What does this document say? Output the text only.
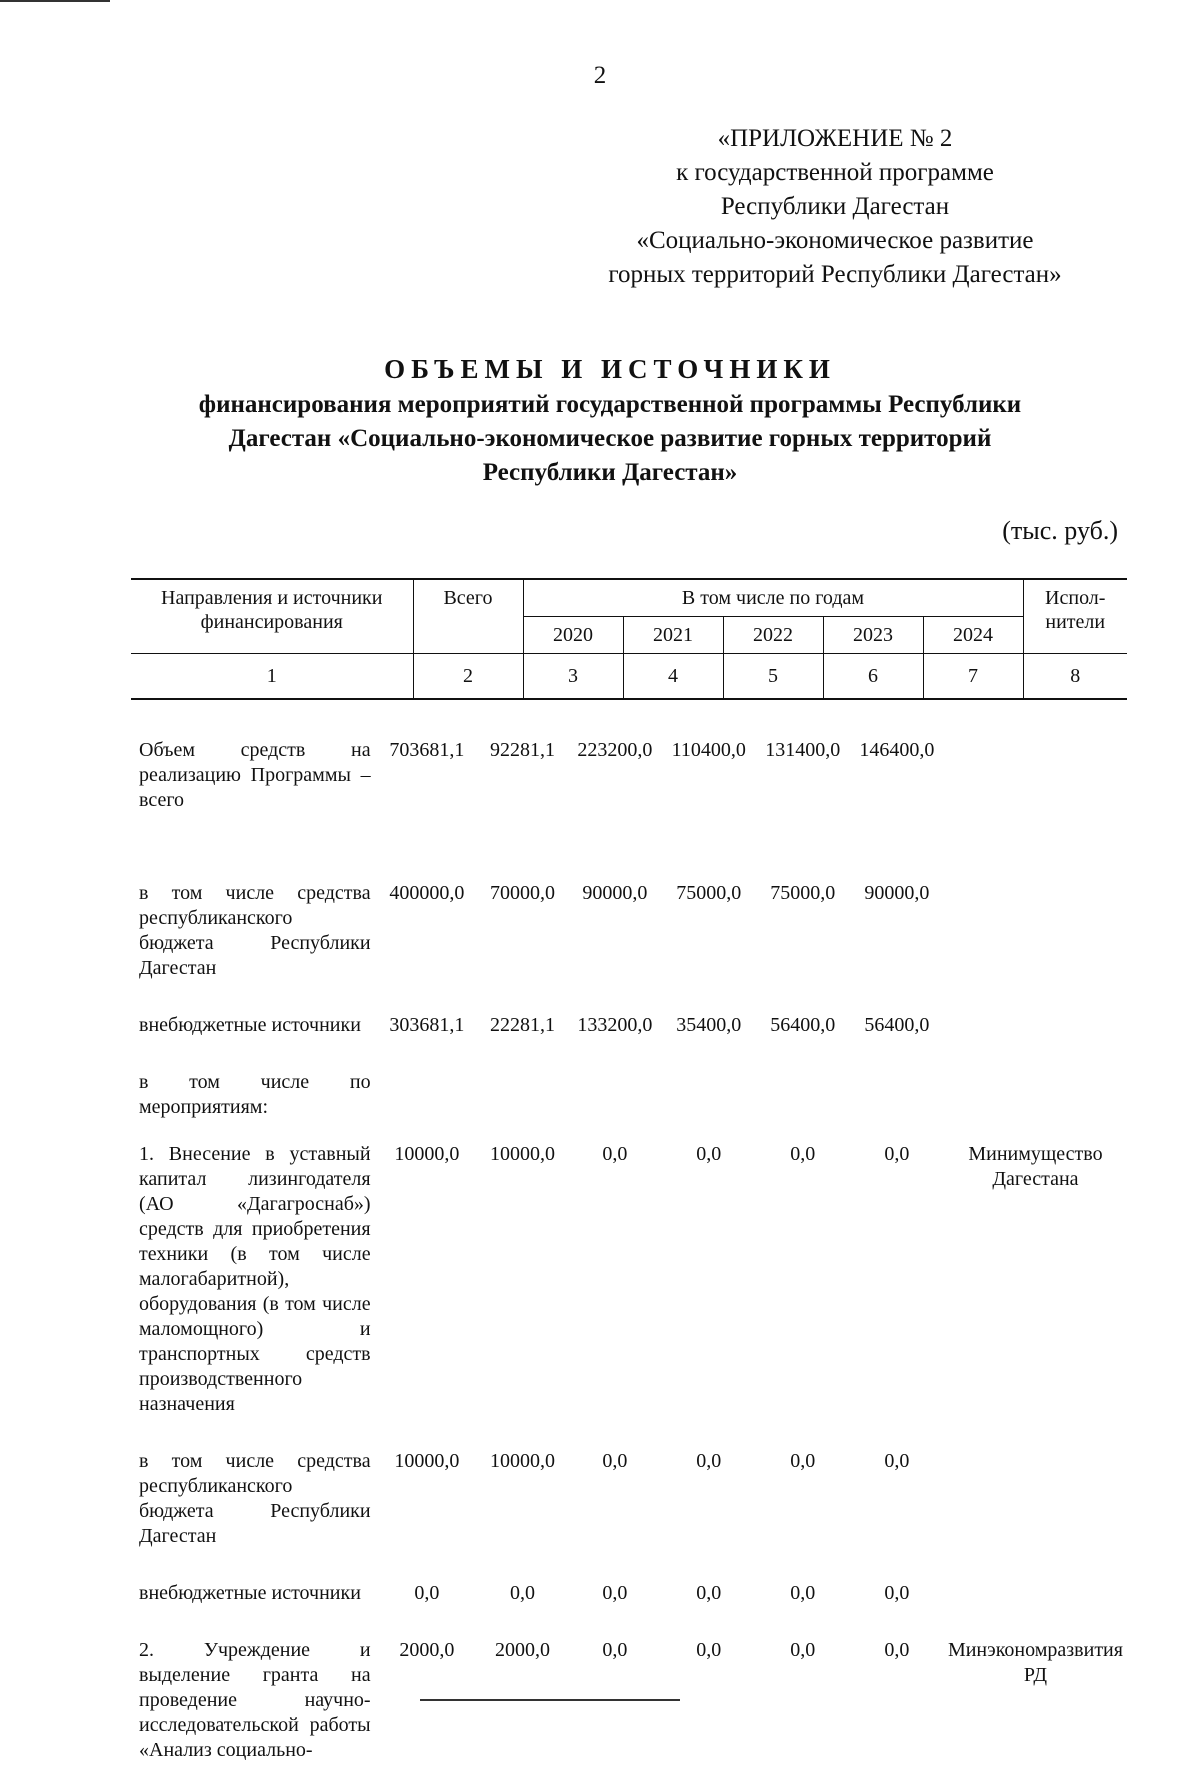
2
«ПРИЛОЖЕНИЕ № 2
к государственной программе
Республики Дагестан
«Социально-экономическое развитие
горных территорий Республики Дагестан»
ОБЪЕМЫ И ИСТОЧНИКИ
финансирования мероприятий государственной программы Республики
Дагестан «Социально-экономическое развитие горных территорий
Республики Дагестан»
(тыс. руб.)
Направления и источники финансирования	Всего	В том числе по годам					Испол-нители
		2020	2021	2022	2023	2024	
1	2	3	4	5	6	7	8
Объем средств на реализацию Программы – всего	703681,1	92281,1	223200,0	110400,0	131400,0	146400,0	
в том числе средства республиканского бюджета Республики Дагестан	400000,0	70000,0	90000,0	75000,0	75000,0	90000,0	
внебюджетные источники	303681,1	22281,1	133200,0	35400,0	56400,0	56400,0	
в том числе по мероприятиям:							
1. Внесение в уставный капитал лизингодателя (АО «Дагагроснаб») средств для приобретения техники (в том числе малогабаритной), оборудования (в том числе маломощного) и транспортных средств производственного назначения	10000,0	10000,0	0,0	0,0	0,0	0,0	Минимущество Дагестана
в том числе средства республиканского бюджета Республики Дагестан	10000,0	10000,0	0,0	0,0	0,0	0,0	
внебюджетные источники	0,0	0,0	0,0	0,0	0,0	0,0	
2. Учреждение и выделение гранта на проведение научно-исследовательской работы «Анализ социально-	2000,0	2000,0	0,0	0,0	0,0	0,0	Минэкономразвития РД
